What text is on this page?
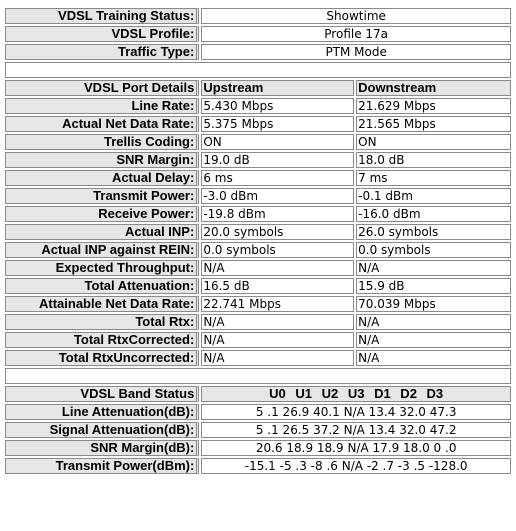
VDSL Training Status:	Showtime	
VDSL Profile:	Profile 17a	
Traffic Type:	PTM Mode	

VDSL Port Details	Upstream	Downstream
Line Rate:	5.430 Mbps	21.629 Mbps
Actual Net Data Rate:	5.375 Mbps	21.565 Mbps
Trellis Coding:	ON	ON
SNR Margin:	19.0 dB	18.0 dB
Actual Delay:	6 ms	7 ms
Transmit Power:	-3.0 dBm	-0.1 dBm
Receive Power:	-19.8 dBm	-16.0 dBm
Actual INP:	20.0 symbols	26.0 symbols
Actual INP against REIN:	0.0 symbols	0.0 symbols
Expected Throughput:	N/A	N/A
Total Attenuation:	16.5 dB	15.9 dB
Attainable Net Data Rate:	22.741 Mbps	70.039 Mbps
Total Rtx:	N/A	N/A
Total RtxCorrected:	N/A	N/A
Total RtxUncorrected:	N/A	N/A

VDSL Band Status	U0 U1 U2 U3 D1 D2 D3	
Line Attenuation(dB):	5 .1 26.9 40.1 N/A 13.4 32.0 47.3	
Signal Attenuation(dB):	5 .1 26.5 37.2 N/A 13.4 32.0 47.2	
SNR Margin(dB):	20.6 18.9 18.9 N/A 17.9 18.0 0 .0	
Transmit Power(dBm):	-15.1 -5 .3 -8 .6 N/A -2 .7 -3 .5 -128.0	
